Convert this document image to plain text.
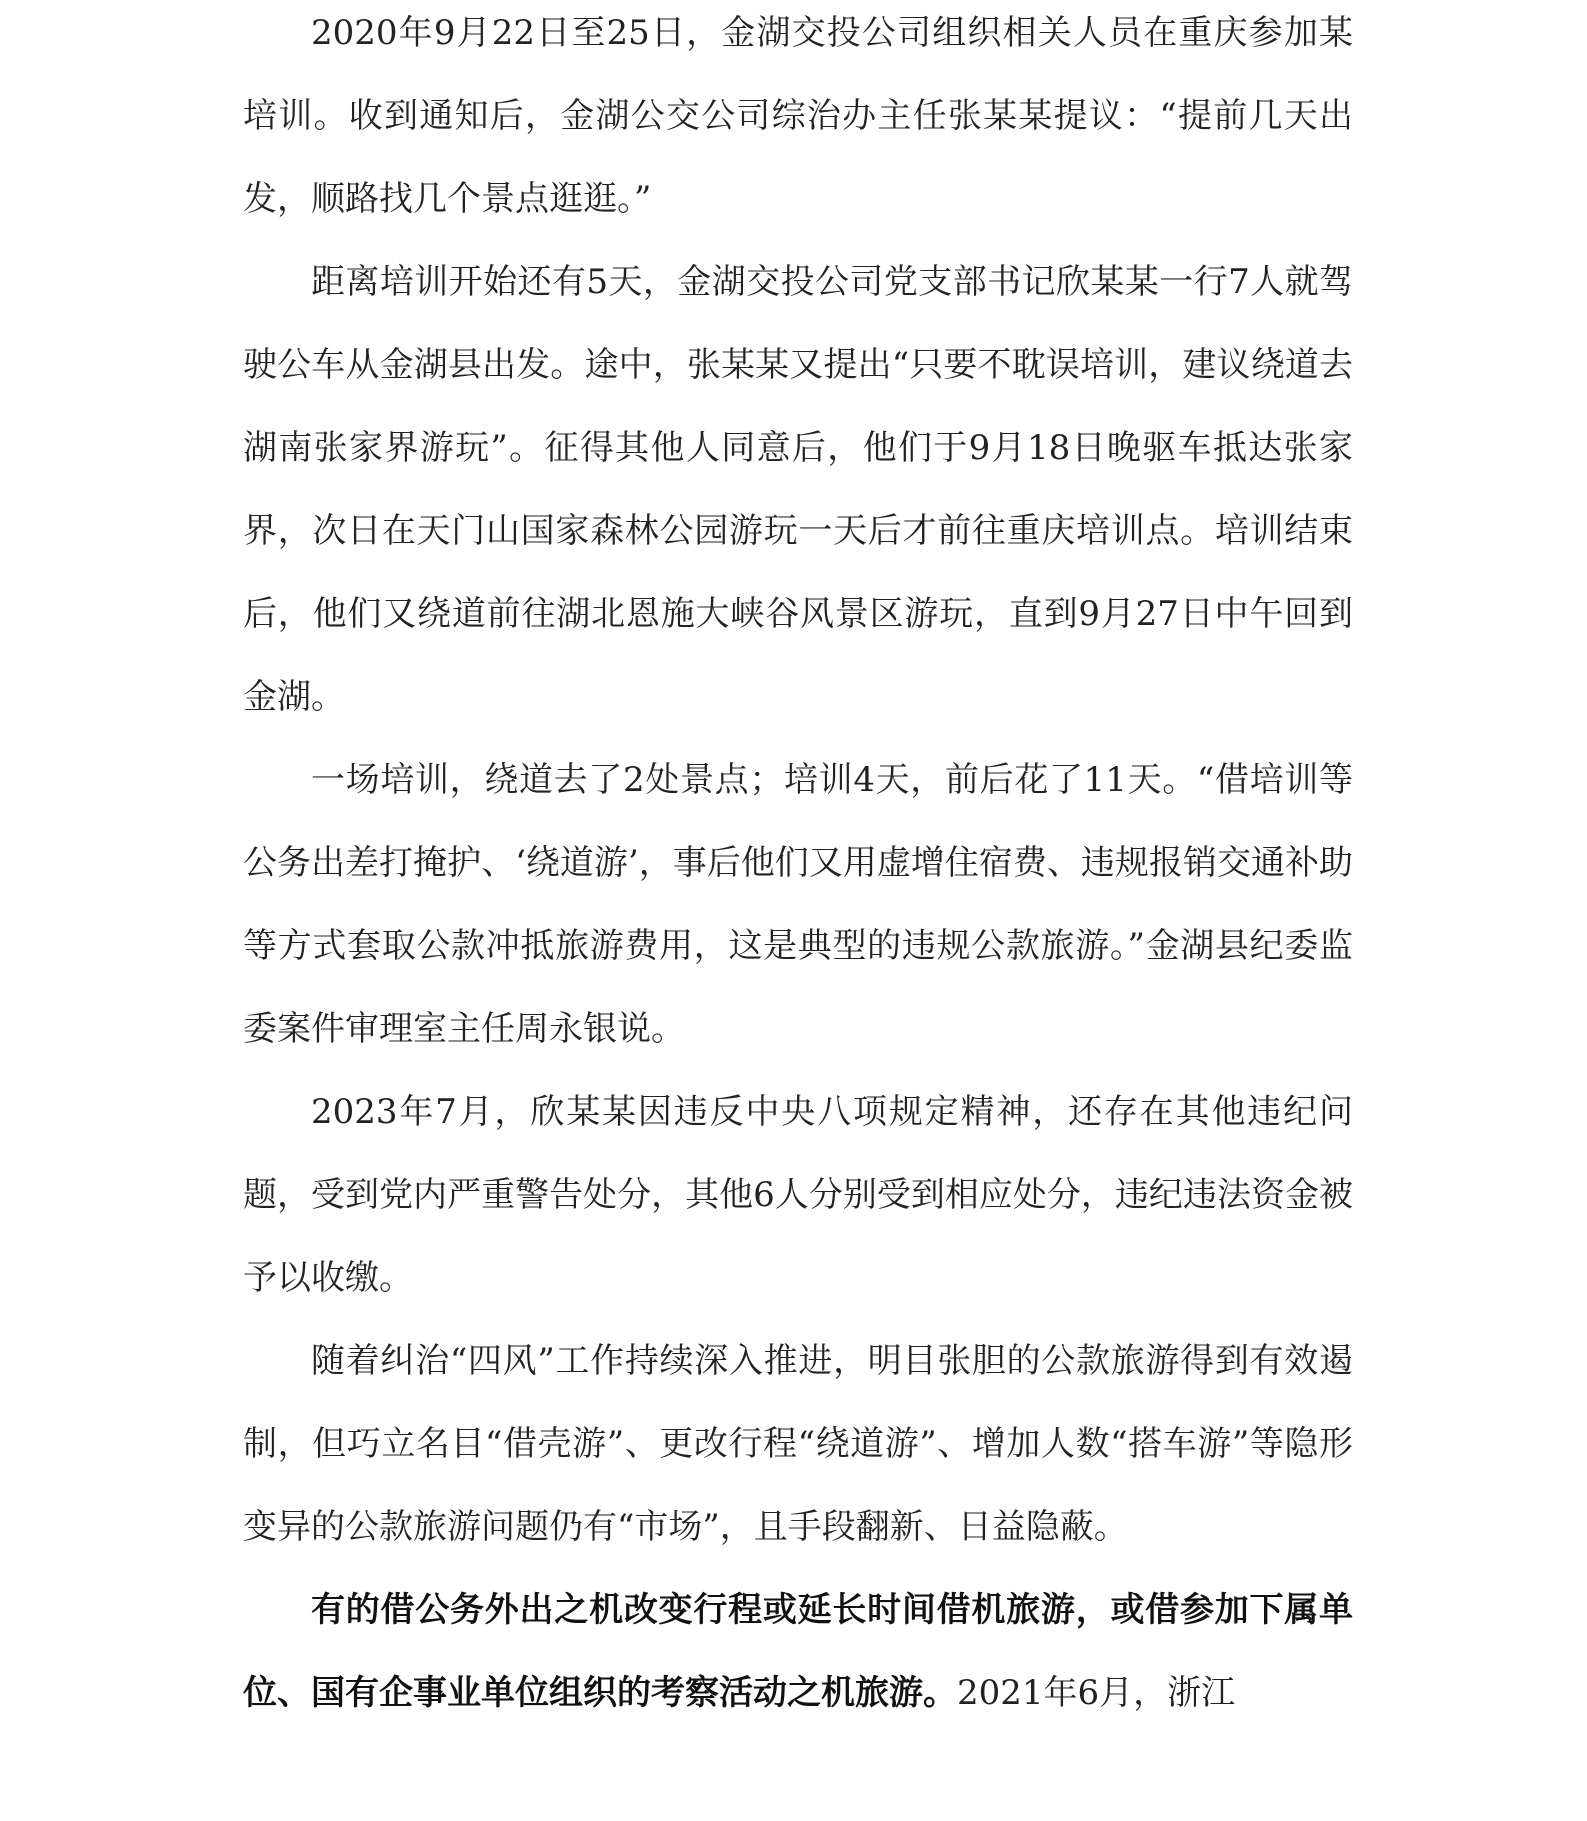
2020年9月22日至25日，金湖交投公司组织相关人员在重庆参加某培训。收到通知后，金湖公交公司综治办主任张某某提议：“提前几天出发，顺路找几个景点逛逛。”

距离培训开始还有5天，金湖交投公司党支部书记欣某某一行7人就驾驶公车从金湖县出发。途中，张某某又提出“只要不耽误培训，建议绕道去湖南张家界游玩”。征得其他人同意后，他们于9月18日晚驱车抵达张家界，次日在天门山国家森林公园游玩一天后才前往重庆培训点。培训结束后，他们又绕道前往湖北恩施大峡谷风景区游玩，直到9月27日中午回到金湖。

一场培训，绕道去了2处景点；培训4天，前后花了11天。“借培训等公务出差打掩护、‘绕道游’，事后他们又用虚增住宿费、违规报销交通补助等方式套取公款冲抵旅游费用，这是典型的违规公款旅游。”金湖县纪委监委案件审理室主任周永银说。

2023年7月，欣某某因违反中央八项规定精神，还存在其他违纪问题，受到党内严重警告处分，其他6人分别受到相应处分，违纪违法资金被予以收缴。

随着纠治“四风”工作持续深入推进，明目张胆的公款旅游得到有效遏制，但巧立名目“借壳游”、更改行程“绕道游”、增加人数“搭车游”等隐形变异的公款旅游问题仍有“市场”，且手段翻新、日益隐蔽。

有的借公务外出之机改变行程或延长时间借机旅游，或借参加下属单位、国有企事业单位组织的考察活动之机旅游。2021年6月，浙江
